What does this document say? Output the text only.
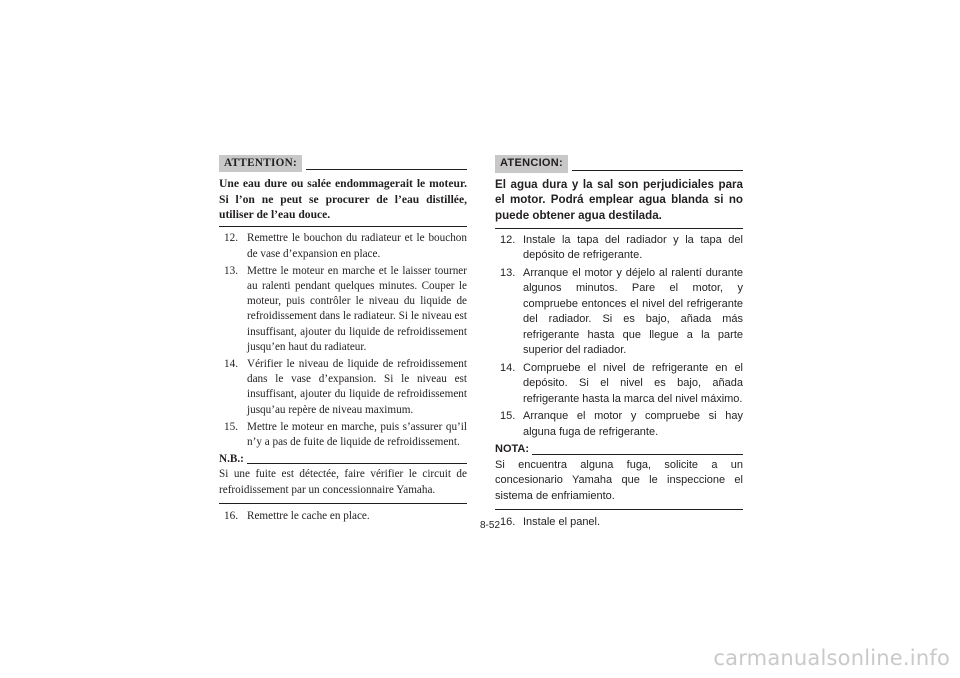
ATTENTION:
Une eau dure ou salée endommagerait le moteur. Si l’on ne peut se procurer de l’eau distillée, utiliser de l’eau douce.
12. Remettre le bouchon du radiateur et le bouchon de vase d’expansion en place.
13. Mettre le moteur en marche et le laisser tourner au ralenti pendant quelques minutes. Couper le moteur, puis contrôler le niveau du liquide de refroidissement dans le radiateur. Si le niveau est insuffisant, ajouter du liquide de refroidissement jusqu’en haut du radiateur.
14. Vérifier le niveau de liquide de refroidissement dans le vase d’expansion. Si le niveau est insuffisant, ajouter du liquide de refroidissement jusqu’au repère de niveau maximum.
15. Mettre le moteur en marche, puis s’assurer qu’il n’y a pas de fuite de liquide de refroidissement.
N.B.:
Si une fuite est détectée, faire vérifier le circuit de refroidissement par un concessionnaire Yamaha.
16. Remettre le cache en place.
ATENCION:
El agua dura y la sal son perjudiciales para el motor. Podrá emplear agua blanda si no puede obtener agua destilada.
12. Instale la tapa del radiador y la tapa del depósito de refrigerante.
13. Arranque el motor y déjelo al ralentí durante algunos minutos. Pare el motor, y compruebe entonces el nivel del refrigerante del radiador. Si es bajo, añada más refrigerante hasta que llegue a la parte superior del radiador.
14. Compruebe el nivel de refrigerante en el depósito. Si el nivel es bajo, añada refrigerante hasta la marca del nivel máximo.
15. Arranque el motor y compruebe si hay alguna fuga de refrigerante.
NOTA:
Si encuentra alguna fuga, solicite a un concesionario Yamaha que le inspeccione el sistema de enfriamiento.
16. Instale el panel.
8-52
carmanualsonline.info
